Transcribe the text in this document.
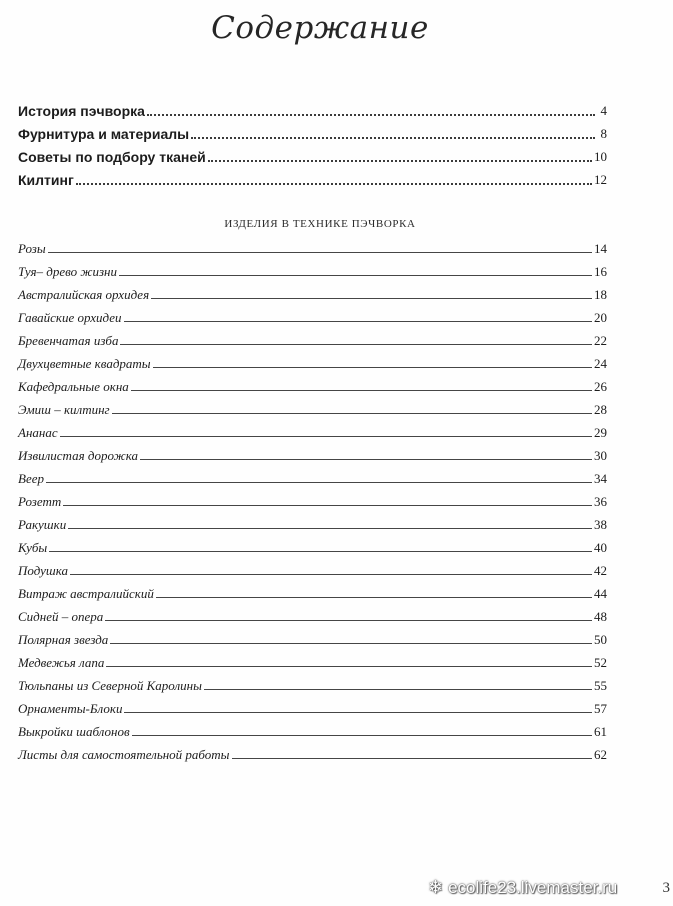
Содержание
История пэчворка	4
Фурнитура и материалы	8
Советы по подбору тканей	10
Килтинг	12
ИЗДЕЛИЯ В ТЕХНИКЕ ПЭЧВОРКА
Розы	14
Туя– древо жизни	16
Австралийская орхидея	18
Гавайские орхидеи	20
Бревенчатая изба	22
Двухцветные квадраты	24
Кафедральные окна	26
Эмиш – килтинг	28
Ананас	29
Извилистая дорожка	30
Веер	34
Розетт	36
Ракушки	38
Кубы	40
Подушка	42
Витраж австралийский	44
Сидней – опера	48
Полярная звезда	50
Медвежья лапа	52
Тюльпаны из Северной Каролины	55
Орнаменты-Блоки	57
Выкройки шаблонов	61
Листы для самостоятельной работы	62
❄ ecolife23.livemaster.ru	3
